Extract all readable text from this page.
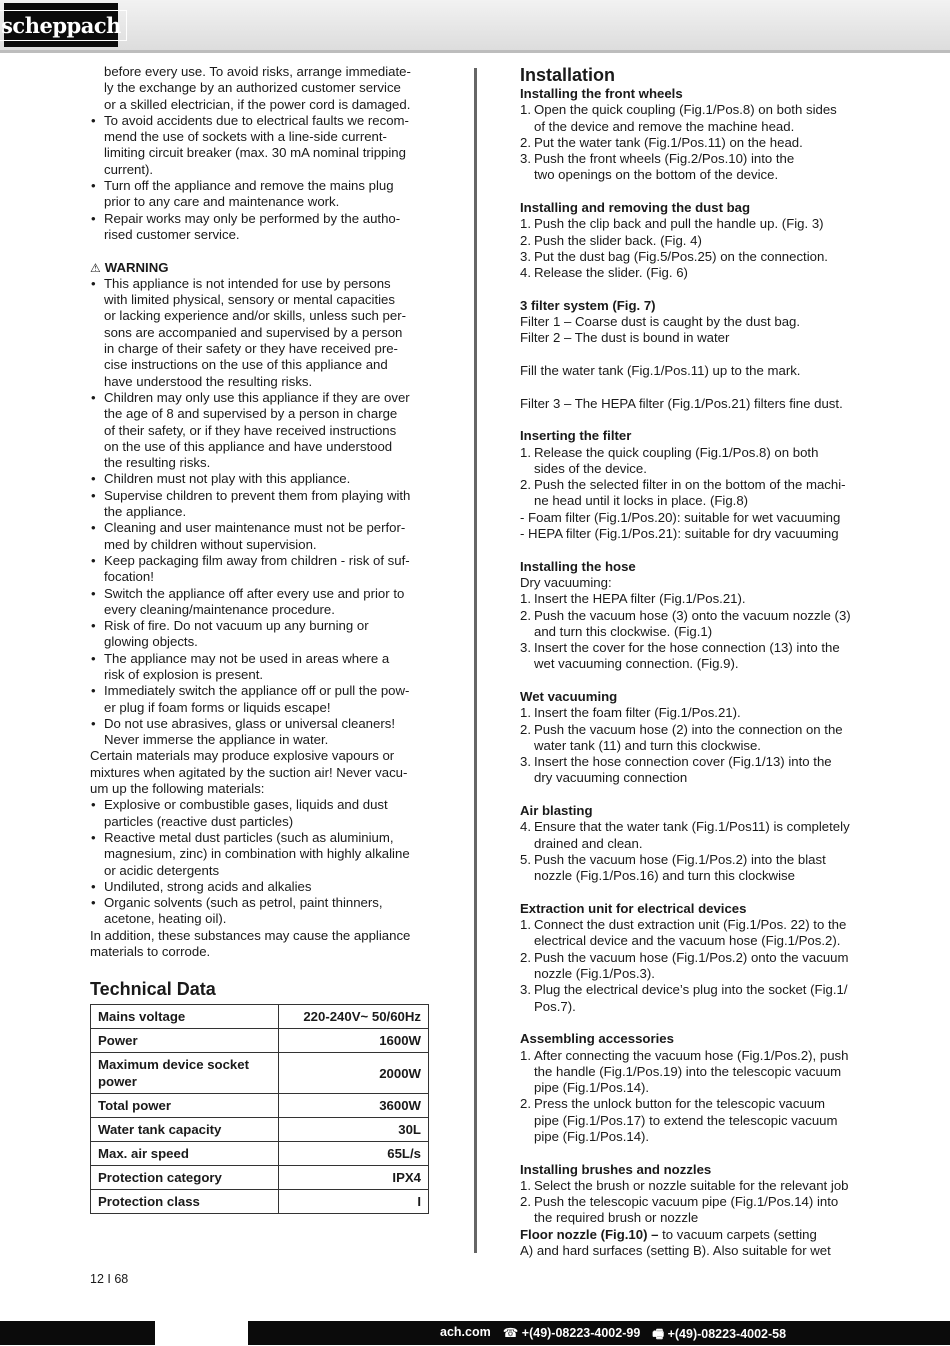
scheppach

before every use. To avoid risks, arrange immediate-

ly the exchange by an authorized customer service

or a skilled electrician, if the power cord is damaged.

• To avoid accidents due to electrical faults we recom-

mend the use of sockets with a line-side current-

limiting circuit breaker (max. 30 mA nominal tripping

current).

• Turn off the appliance and remove the mains plug

prior to any care and maintenance work.

• Repair works may only be performed by the autho-

rised customer service.

⚠ WARNING

• This appliance is not intended for use by persons

with limited physical, sensory or mental capacities

or lacking experience and/or skills, unless such per-

sons are accompanied and supervised by a person

in charge of their safety or they have received pre-

cise instructions on the use of this appliance and

have understood the resulting risks.

• Children may only use this appliance if they are over

the age of 8 and supervised by a person in charge

of their safety, or if they have received instructions

on the use of this appliance and have understood

the resulting risks.

• Children must not play with this appliance.

• Supervise children to prevent them from playing with

the appliance.

• Cleaning and user maintenance must not be perfor-

med by children without supervision.

• Keep packaging film away from children - risk of suf-

focation!

• Switch the appliance off after every use and prior to

every cleaning/maintenance procedure.

• Risk of fire. Do not vacuum up any burning or

glowing objects.

• The appliance may not be used in areas where a

risk of explosion is present.

• Immediately switch the appliance off or pull the pow-

er plug if foam forms or liquids escape!

• Do not use abrasives, glass or universal cleaners!

Never immerse the appliance in water.

Certain materials may produce explosive vapours or

mixtures when agitated by the suction air! Never vacu-

um up the following materials:

• Explosive or combustible gases, liquids and dust

particles (reactive dust particles)

• Reactive metal dust particles (such as aluminium,

magnesium, zinc) in combination with highly alkaline

or acidic detergents

• Undiluted, strong acids and alkalies

• Organic solvents (such as petrol, paint thinners,

acetone, heating oil).

In addition, these substances may cause the appliance

materials to corrode.

Technical Data
Mains voltage	220-240V~ 50/60Hz

Power	1600W

Maximum device socket
power	2000W

Total power	3600W

Water tank capacity	30L

Max. air speed	65L/s

Protection category	IPX4

Protection class	I
Installation

Installing the front wheels

1. Open the quick coupling (Fig.1/Pos.8) on both sides

of the device and remove the machine head.

2. Put the water tank (Fig.1/Pos.11) on the head.

3. Push the front wheels (Fig.2/Pos.10) into the

two openings on the bottom of the device.

Installing and removing the dust bag

1. Push the clip back and pull the handle up. (Fig. 3)

2. Push the slider back. (Fig. 4)

3. Put the dust bag (Fig.5/Pos.25) on the connection.

4. Release the slider. (Fig. 6)

3 filter system (Fig. 7)

Filter 1 – Coarse dust is caught by the dust bag.

Filter 2 – The dust is bound in water

Fill the water tank (Fig.1/Pos.11) up to the mark.

Filter 3 – The HEPA filter (Fig.1/Pos.21) filters fine dust.

Inserting the filter

1. Release the quick coupling (Fig.1/Pos.8) on both

sides of the device.

2. Push the selected filter in on the bottom of the machi-

ne head until it locks in place. (Fig.8)

- Foam filter (Fig.1/Pos.20): suitable for wet vacuuming

- HEPA filter (Fig.1/Pos.21): suitable for dry vacuuming

Installing the hose

Dry vacuuming:

1. Insert the HEPA filter (Fig.1/Pos.21).

2. Push the vacuum hose (3) onto the vacuum nozzle (3)

and turn this clockwise. (Fig.1)

3. Insert the cover for the hose connection (13) into the

wet vacuuming connection. (Fig.9).

Wet vacuuming

1. Insert the foam filter (Fig.1/Pos.21).

2. Push the vacuum hose (2) into the connection on the

water tank (11) and turn this clockwise.

3. Insert the hose connection cover (Fig.1/13) into the

dry vacuuming connection

Air blasting

4. Ensure that the water tank (Fig.1/Pos11) is completely

drained and clean.

5. Push the vacuum hose (Fig.1/Pos.2) into the blast

nozzle (Fig.1/Pos.16) and turn this clockwise

Extraction unit for electrical devices

1. Connect the dust extraction unit (Fig.1/Pos. 22) to the

electrical device and the vacuum hose (Fig.1/Pos.2).

2. Push the vacuum hose (Fig.1/Pos.2) onto the vacuum

nozzle (Fig.1/Pos.3).

3. Plug the electrical device’s plug into the socket (Fig.1/

Pos.7).

Assembling accessories

1. After connecting the vacuum hose (Fig.1/Pos.2), push

the handle (Fig.1/Pos.19) into the telescopic vacuum

pipe (Fig.1/Pos.14).

2. Press the unlock button for the telescopic vacuum

pipe (Fig.1/Pos.17) to extend the telescopic vacuum

pipe (Fig.1/Pos.14).

Installing brushes and nozzles

1. Select the brush or nozzle suitable for the relevant job

2. Push the telescopic vacuum pipe (Fig.1/Pos.14) into

the required brush or nozzle

Floor nozzle (Fig.10) – to vacuum carpets (setting

A) and hard surfaces (setting B). Also suitable for wet

12 I 68
ach.com ☎ +(49)-08223-4002-99 🖷 +(49)-08223-4002-58
